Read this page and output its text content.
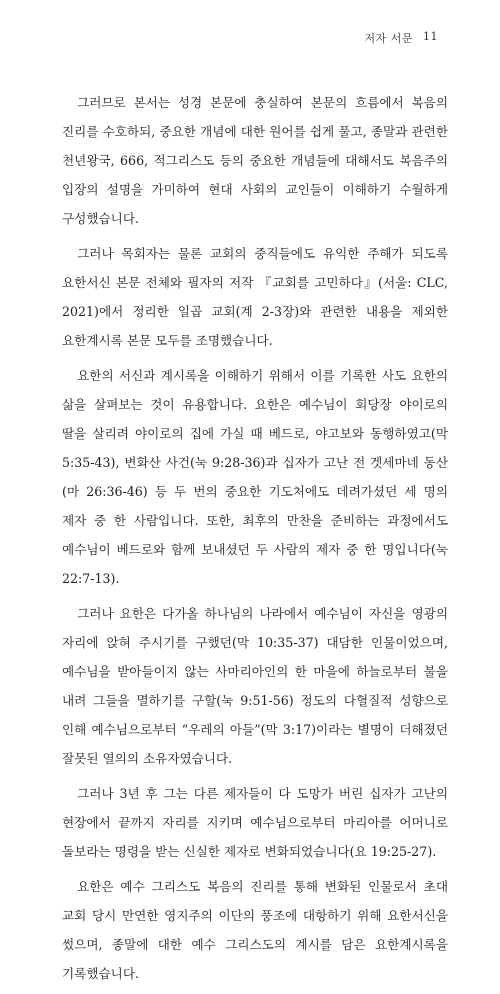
저자 서문 11

그러므로 본서는 성경 본문에 충실하여 본문의 흐름에서 복음의 진리를 수호하되, 중요한 개념에 대한 원어를 쉽게 풀고, 종말과 관련한 천년왕국, 666, 적그리스도 등의 중요한 개념들에 대해서도 복음주의 입장의 설명을 가미하여 현대 사회의 교인들이 이해하기 수월하게 구성했습니다.

그러나 목회자는 물론 교회의 중직들에도 유익한 주해가 되도록 요한서신 본문 전체와 필자의 저작 『교회를 고민하다』(서울: CLC, 2021)에서 정리한 일곱 교회(계 2-3장)와 관련한 내용을 제외한 요한계시록 본문 모두를 조명했습니다.

요한의 서신과 계시록을 이해하기 위해서 이를 기록한 사도 요한의 삶을 살펴보는 것이 유용합니다. 요한은 예수님이 회당장 야이로의 딸을 살리려 야이로의 집에 가실 때 베드로, 야고보와 동행하였고(막 5:35-43), 변화산 사건(눅 9:28-36)과 십자가 고난 전 겟세마네 동산(마 26:36-46) 등 두 번의 중요한 기도처에도 데려가셨던 세 명의 제자 중 한 사람입니다. 또한, 최후의 만찬을 준비하는 과정에서도 예수님이 베드로와 함께 보내셨던 두 사람의 제자 중 한 명입니다(눅 22:7-13).

그러나 요한은 다가올 하나님의 나라에서 예수님이 자신을 영광의 자리에 앉혀 주시기를 구했던(막 10:35-37) 대담한 인물이었으며, 예수님을 받아들이지 않는 사마리아인의 한 마을에 하늘로부터 불을 내려 그들을 멸하기를 구할(눅 9:51-56) 정도의 다혈질적 성향으로 인해 예수님으로부터 “우레의 아들”(막 3:17)이라는 별명이 더해졌던 잘못된 열의의 소유자였습니다.

그러나 3년 후 그는 다른 제자들이 다 도망가 버린 십자가 고난의 현장에서 끝까지 자리를 지키며 예수님으로부터 마리아를 어머니로 돌보라는 명령을 받는 신실한 제자로 변화되었습니다(요 19:25-27).

요한은 예수 그리스도 복음의 진리를 통해 변화된 인물로서 초대 교회 당시 만연한 영지주의 이단의 풍조에 대항하기 위해 요한서신을 썼으며, 종말에 대한 예수 그리스도의 계시를 담은 요한계시록을 기록했습니다.
